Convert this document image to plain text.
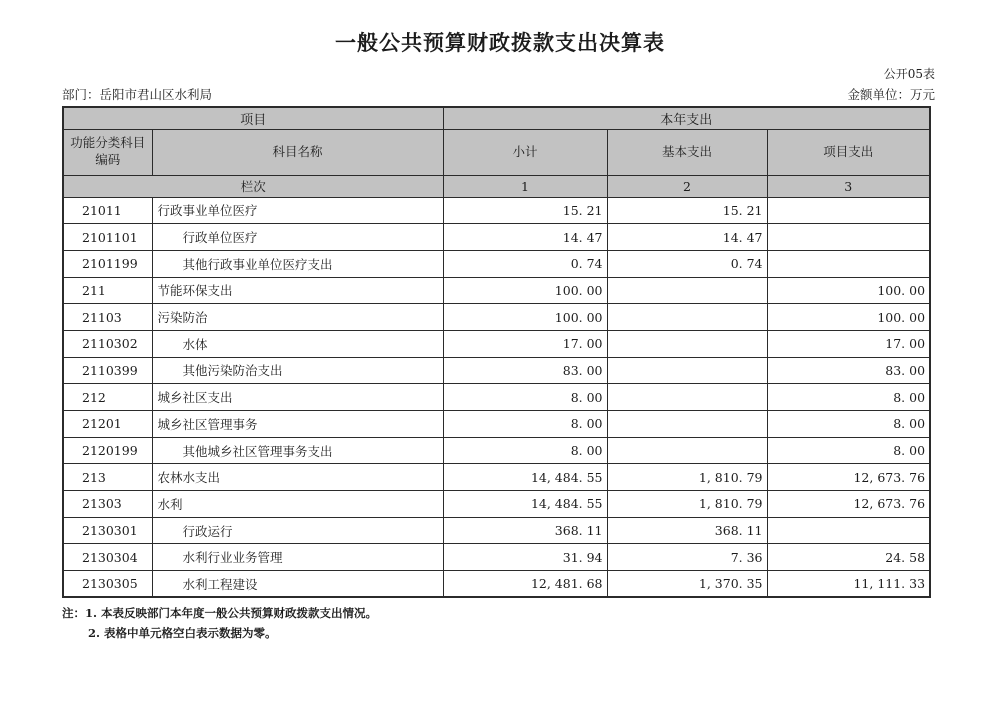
一般公共预算财政拨款支出决算表
公开05表
部门：岳阳市君山区水利局	金额单位：万元
项目		本年支出		
功能分类科目编码	科目名称	小计	基本支出	项目支出
栏次		1	2	3
21011	行政事业单位医疗	15. 21	15. 21	
2101101	行政单位医疗	14. 47	14. 47	
2101199	其他行政事业单位医疗支出	0. 74	0. 74	
211	节能环保支出	100. 00		100. 00
21103	污染防治	100. 00		100. 00
2110302	水体	17. 00		17. 00
2110399	其他污染防治支出	83. 00		83. 00
212	城乡社区支出	8. 00		8. 00
21201	城乡社区管理事务	8. 00		8. 00
2120199	其他城乡社区管理事务支出	8. 00		8. 00
213	农林水支出	14, 484. 55	1, 810. 79	12, 673. 76
21303	水利	14, 484. 55	1, 810. 79	12, 673. 76
2130301	行政运行	368. 11	368. 11	
2130304	水利行业业务管理	31. 94	7. 36	24. 58
2130305	水利工程建设	12, 481. 68	1, 370. 35	11, 111. 33
注：1. 本表反映部门本年度一般公共预算财政拨款支出情况。
2. 表格中单元格空白表示数据为零。
